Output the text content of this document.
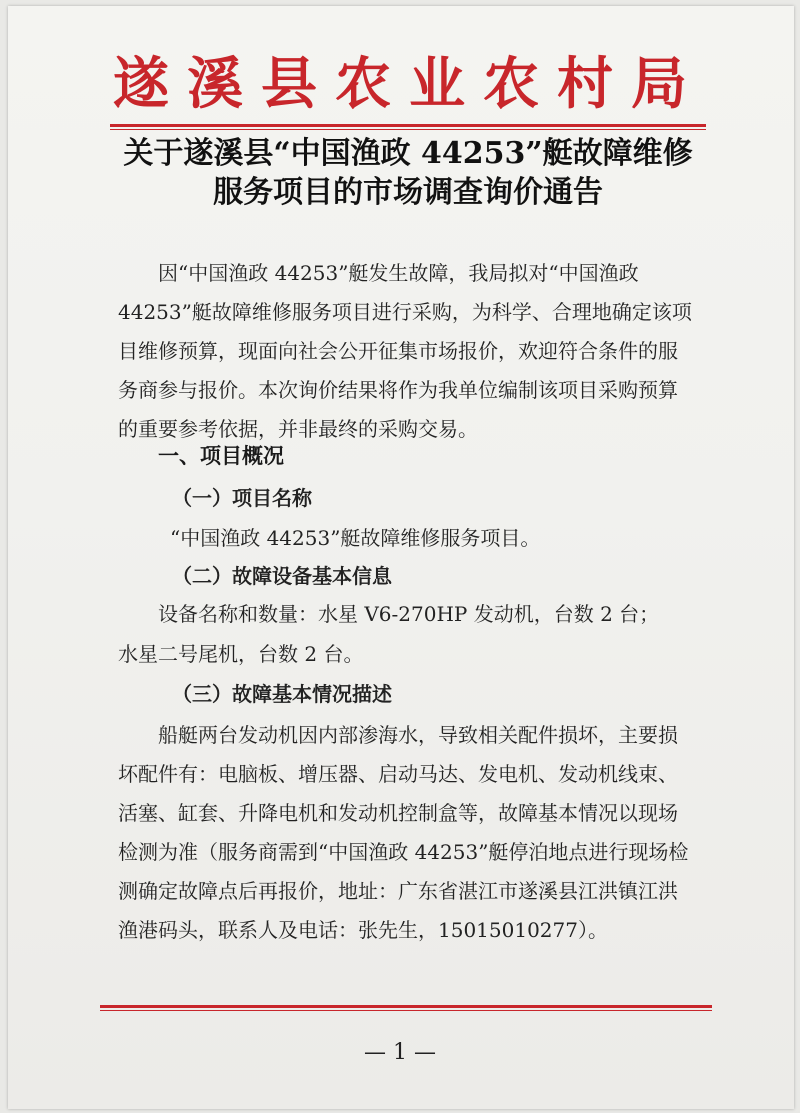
遂溪县农业农村局
关于遂溪县“中国渔政 44253”艇故障维修
服务项目的市场调查询价通告
因“中国渔政 44253”艇发生故障，我局拟对“中国渔政 44253”艇故障维修服务项目进行采购，为科学、合理地确定该项目维修预算，现面向社会公开征集市场报价，欢迎符合条件的服务商参与报价。本次询价结果将作为我单位编制该项目采购预算的重要参考依据，并非最终的采购交易。
一、项目概况
（一）项目名称
“中国渔政 44253”艇故障维修服务项目。
（二）故障设备基本信息
设备名称和数量：水星 V6-270HP 发动机，台数 2 台；
水星二号尾机，台数 2 台。
（三）故障基本情况描述
船艇两台发动机因内部渗海水，导致相关配件损坏，主要损坏配件有：电脑板、增压器、启动马达、发电机、发动机线束、活塞、缸套、升降电机和发动机控制盒等，故障基本情况以现场检测为准（服务商需到“中国渔政 44253”艇停泊地点进行现场检测确定故障点后再报价，地址：广东省湛江市遂溪县江洪镇江洪渔港码头，联系人及电话：张先生，15015010277）。
— 1 —
